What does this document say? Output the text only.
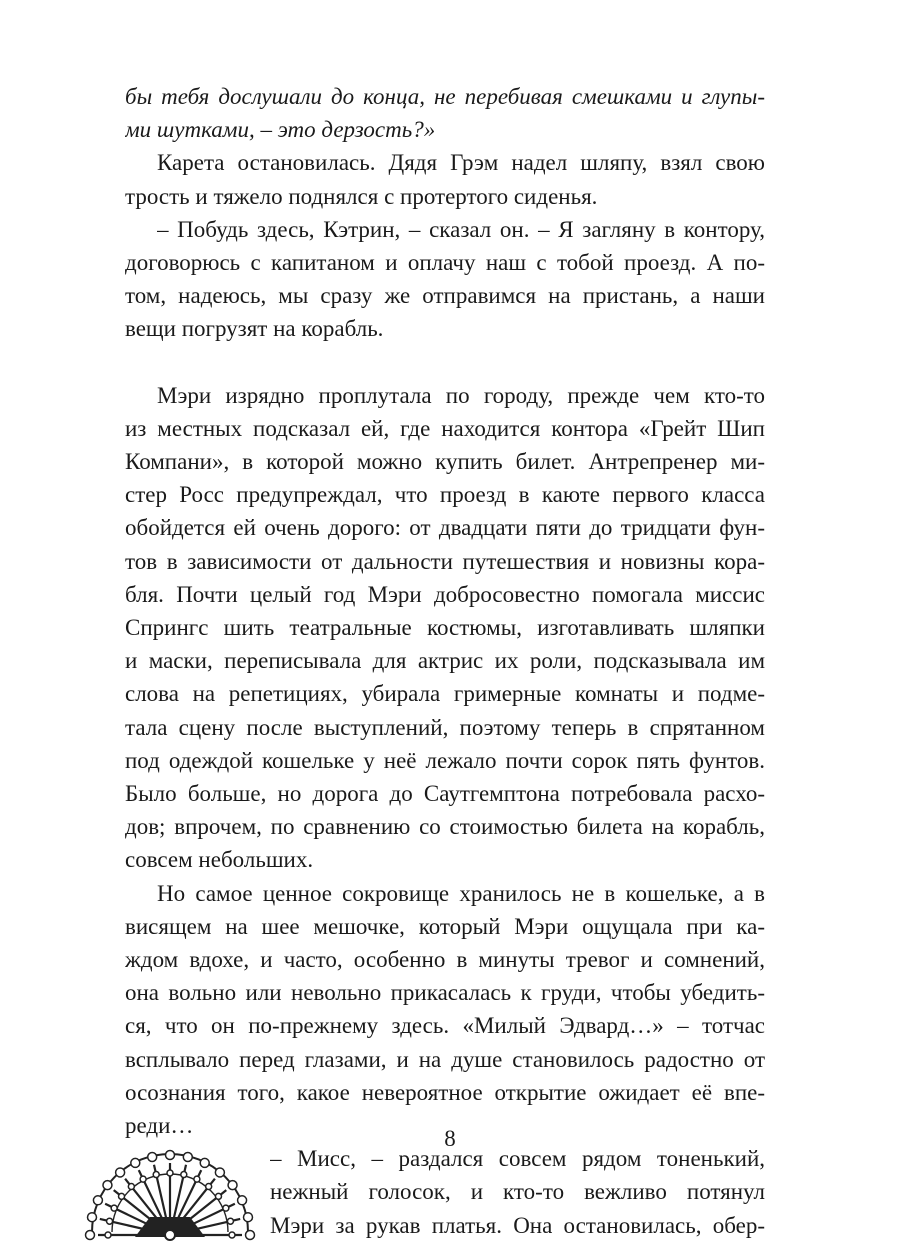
бы тебя дослушали до конца, не перебивая смешками и глупы-
ми шутками, – это дерзость?»
Карета остановилась. Дядя Грэм надел шляпу, взял свою
трость и тяжело поднялся с протертого сиденья.
– Побудь здесь, Кэтрин, – сказал он. – Я загляну в контору,
договорюсь с капитаном и оплачу наш с тобой проезд. А по-
том, надеюсь, мы сразу же отправимся на пристань, а наши
вещи погрузят на корабль.
Мэри изрядно проплутала по городу, прежде чем кто-то
из местных подсказал ей, где находится контора «Грейт Шип
Компани», в которой можно купить билет. Антрепренер ми-
стер Росс предупреждал, что проезд в каюте первого класса
обойдется ей очень дорого: от двадцати пяти до тридцати фун-
тов в зависимости от дальности путешествия и новизны кора-
бля. Почти целый год Мэри добросовестно помогала миссис
Спрингс шить театральные костюмы, изготавливать шляпки
и маски, переписывала для актрис их роли, подсказывала им
слова на репетициях, убирала гримерные комнаты и подме-
тала сцену после выступлений, поэтому теперь в спрятанном
под одеждой кошельке у неё лежало почти сорок пять фунтов.
Было больше, но дорога до Саутгемптона потребовала расхо-
дов; впрочем, по сравнению со стоимостью билета на корабль,
совсем небольших.
Но самое ценное сокровище хранилось не в кошельке, а в
висящем на шее мешочке, который Мэри ощущала при ка-
ждом вдохе, и часто, особенно в минуты тревог и сомнений,
она вольно или невольно прикасалась к груди, чтобы убедить-
ся, что он по-прежнему здесь. «Милый Эдвард…» – тотчас
всплывало перед глазами, и на душе становилось радостно от
осознания того, какое невероятное открытие ожидает её впе-
реди…
– Мисс, – раздался совсем рядом тоненький,
нежный голосок, и кто-то вежливо потянул
Мэри за рукав платья. Она остановилась, обер-
8
